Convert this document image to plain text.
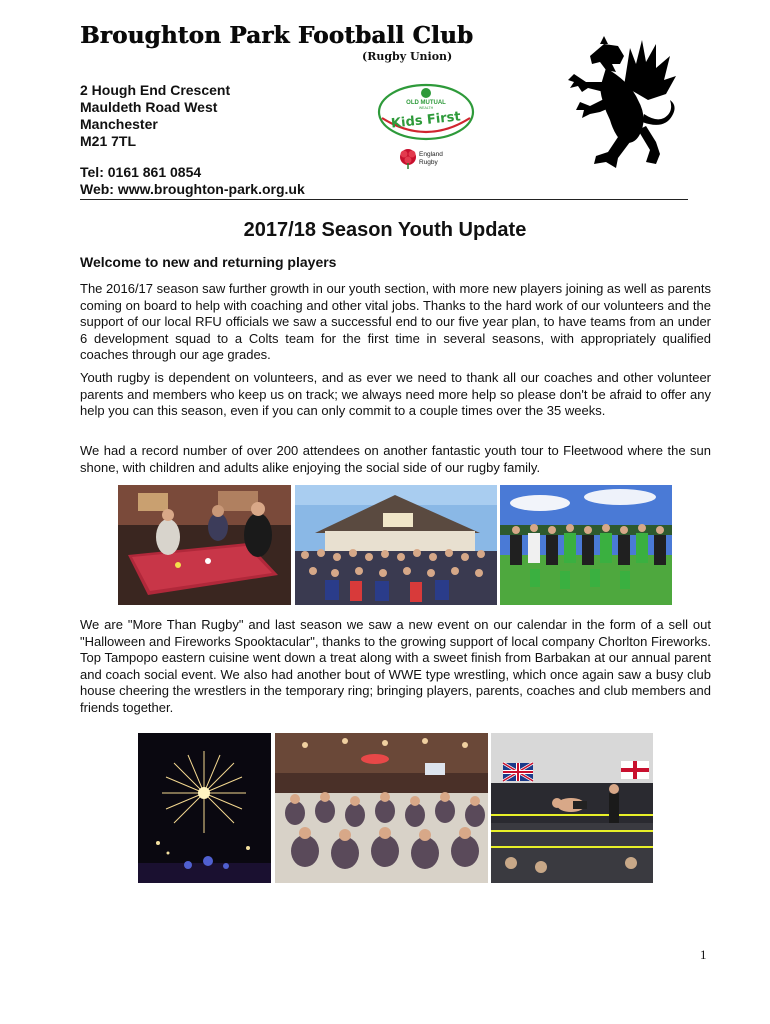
Broughton Park Football Club
(Rugby Union)
2 Hough End Crescent
Mauldeth Road West
Manchester
M21 7TL
Tel: 0161 861 0854
Web: www.broughton-park.org.uk
OLD MUTUAL
WEALTH
Kids First
England
Rugby
2017/18 Season Youth Update
Welcome to new and returning players
The 2016/17 season saw further growth in our youth section, with more new players joining as well as parents coming on board to help with coaching and other vital jobs. Thanks to the hard work of our volunteers and the support of our local RFU officials we saw a successful end to our five year plan, to have teams from an under 6 development squad to a Colts team for the first time in several seasons, with appropriately qualified coaches through our age grades.
Youth rugby is dependent on volunteers, and as ever we need to thank all our coaches and other volunteer parents and members who keep us on track; we always need more help so please don't be afraid to offer any help you can this season, even if you can only commit to a couple times over the 35 weeks.
We had a record number of over 200 attendees on another fantastic youth tour to Fleetwood where the sun shone, with children and adults alike enjoying the social side of our rugby family.
We are "More Than Rugby" and last season we saw a new event on our calendar in the form of a sell out "Halloween and Fireworks Spooktacular", thanks to the growing support of local company Chorlton Fireworks. Top Tampopo eastern cuisine went down a treat along with a sweet finish from Barbakan at our annual parent and coach social event. We also had another bout of WWE type wrestling, which once again saw a busy club house cheering the wrestlers in the temporary ring; bringing players, parents, coaches and club members and friends together.
1
